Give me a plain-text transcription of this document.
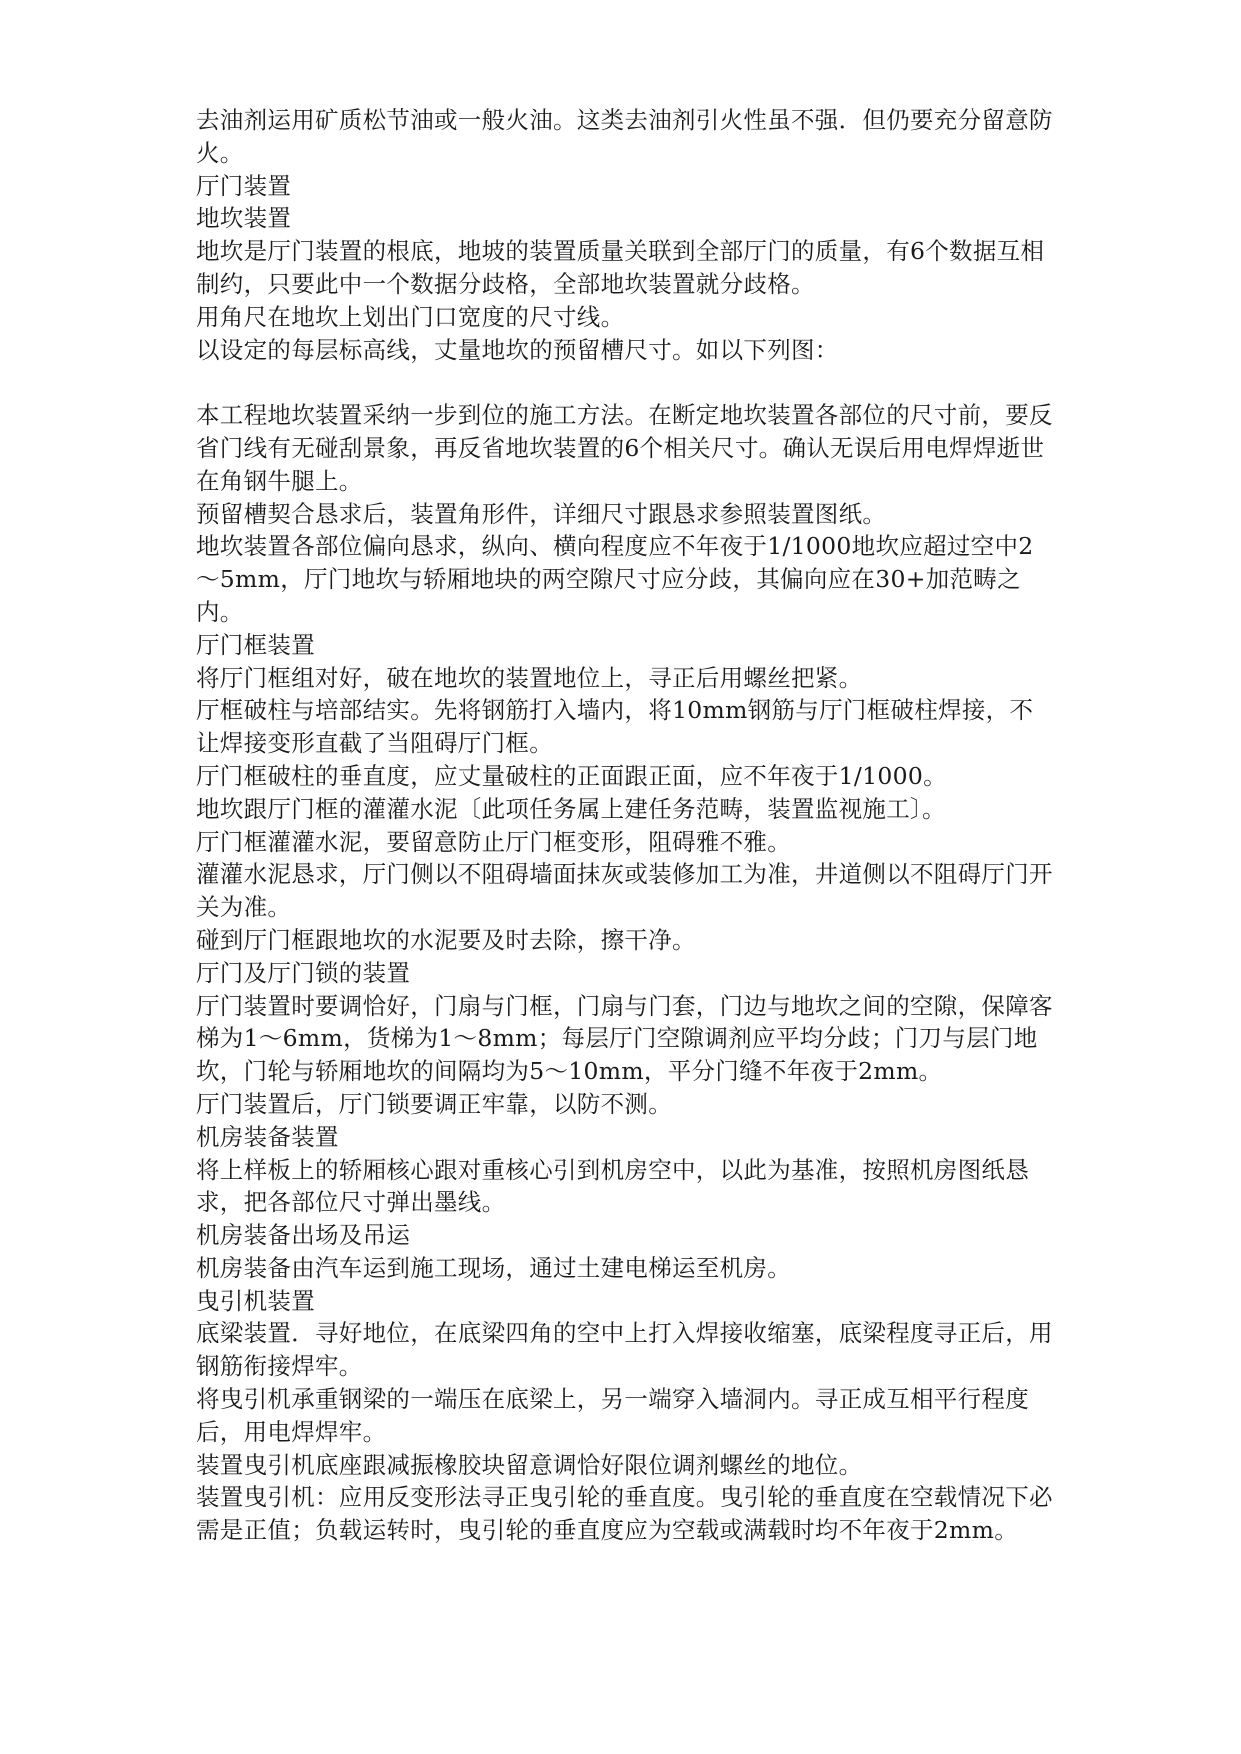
去油剂运用矿质松节油或一般火油。这类去油剂引火性虽不强．但仍要充分留意防火。

厅门装置

地坎装置

地坎是厅门装置的根底，地坡的装置质量关联到全部厅门的质量，有6个数据互相制约，只要此中一个数据分歧格，全部地坎装置就分歧格。

用角尺在地坎上划出门口宽度的尺寸线。

以设定的每层标高线，丈量地坎的预留槽尺寸。如以下列图：

本工程地坎装置采纳一步到位的施工方法。在断定地坎装置各部位的尺寸前，要反省门线有无碰刮景象，再反省地坎装置的6个相关尺寸。确认无误后用电焊焊逝世在角钢牛腿上。

预留槽契合恳求后，装置角形件，详细尺寸跟恳求参照装置图纸。

地坎装置各部位偏向恳求，纵向、横向程度应不年夜于1/1000地坎应超过空中2～5mm，厅门地坎与轿厢地块的两空隙尺寸应分歧，其偏向应在30+加范畴之内。

厅门框装置

将厅门框组对好，破在地坎的装置地位上，寻正后用螺丝把紧。

厅框破柱与培部结实。先将钢筋打入墙内，将10mm钢筋与厅门框破柱焊接，不让焊接变形直截了当阻碍厅门框。

厅门框破柱的垂直度，应丈量破柱的正面跟正面，应不年夜于1/1000。

地坎跟厅门框的灌灌水泥〔此项任务属上建任务范畴，装置监视施工〕。

厅门框灌灌水泥，要留意防止厅门框变形，阻碍雅不雅。

灌灌水泥恳求，厅门侧以不阻碍墙面抹灰或装修加工为准，井道侧以不阻碍厅门开关为准。

碰到厅门框跟地坎的水泥要及时去除，擦干净。

厅门及厅门锁的装置

厅门装置时要调恰好，门扇与门框，门扇与门套，门边与地坎之间的空隙，保障客梯为1～6mm，货梯为1～8mm；每层厅门空隙调剂应平均分歧；门刀与层门地坎，门轮与轿厢地坎的间隔均为5～10mm，平分门缝不年夜于2mm。

厅门装置后，厅门锁要调正牢靠，以防不测。

机房装备装置

将上样板上的轿厢核心跟对重核心引到机房空中，以此为基准，按照机房图纸恳求，把各部位尺寸弹出墨线。

机房装备出场及吊运

机房装备由汽车运到施工现场，通过土建电梯运至机房。

曳引机装置

底梁装置．寻好地位，在底梁四角的空中上打入焊接收缩塞，底梁程度寻正后，用钢筋衔接焊牢。

将曳引机承重钢梁的一端压在底梁上，另一端穿入墙洞内。寻正成互相平行程度后，用电焊焊牢。

装置曳引机底座跟减振橡胶块留意调恰好限位调剂螺丝的地位。

装置曳引机：应用反变形法寻正曳引轮的垂直度。曳引轮的垂直度在空载情况下必需是正值；负载运转时，曳引轮的垂直度应为空载或满载时均不年夜于2mm。
